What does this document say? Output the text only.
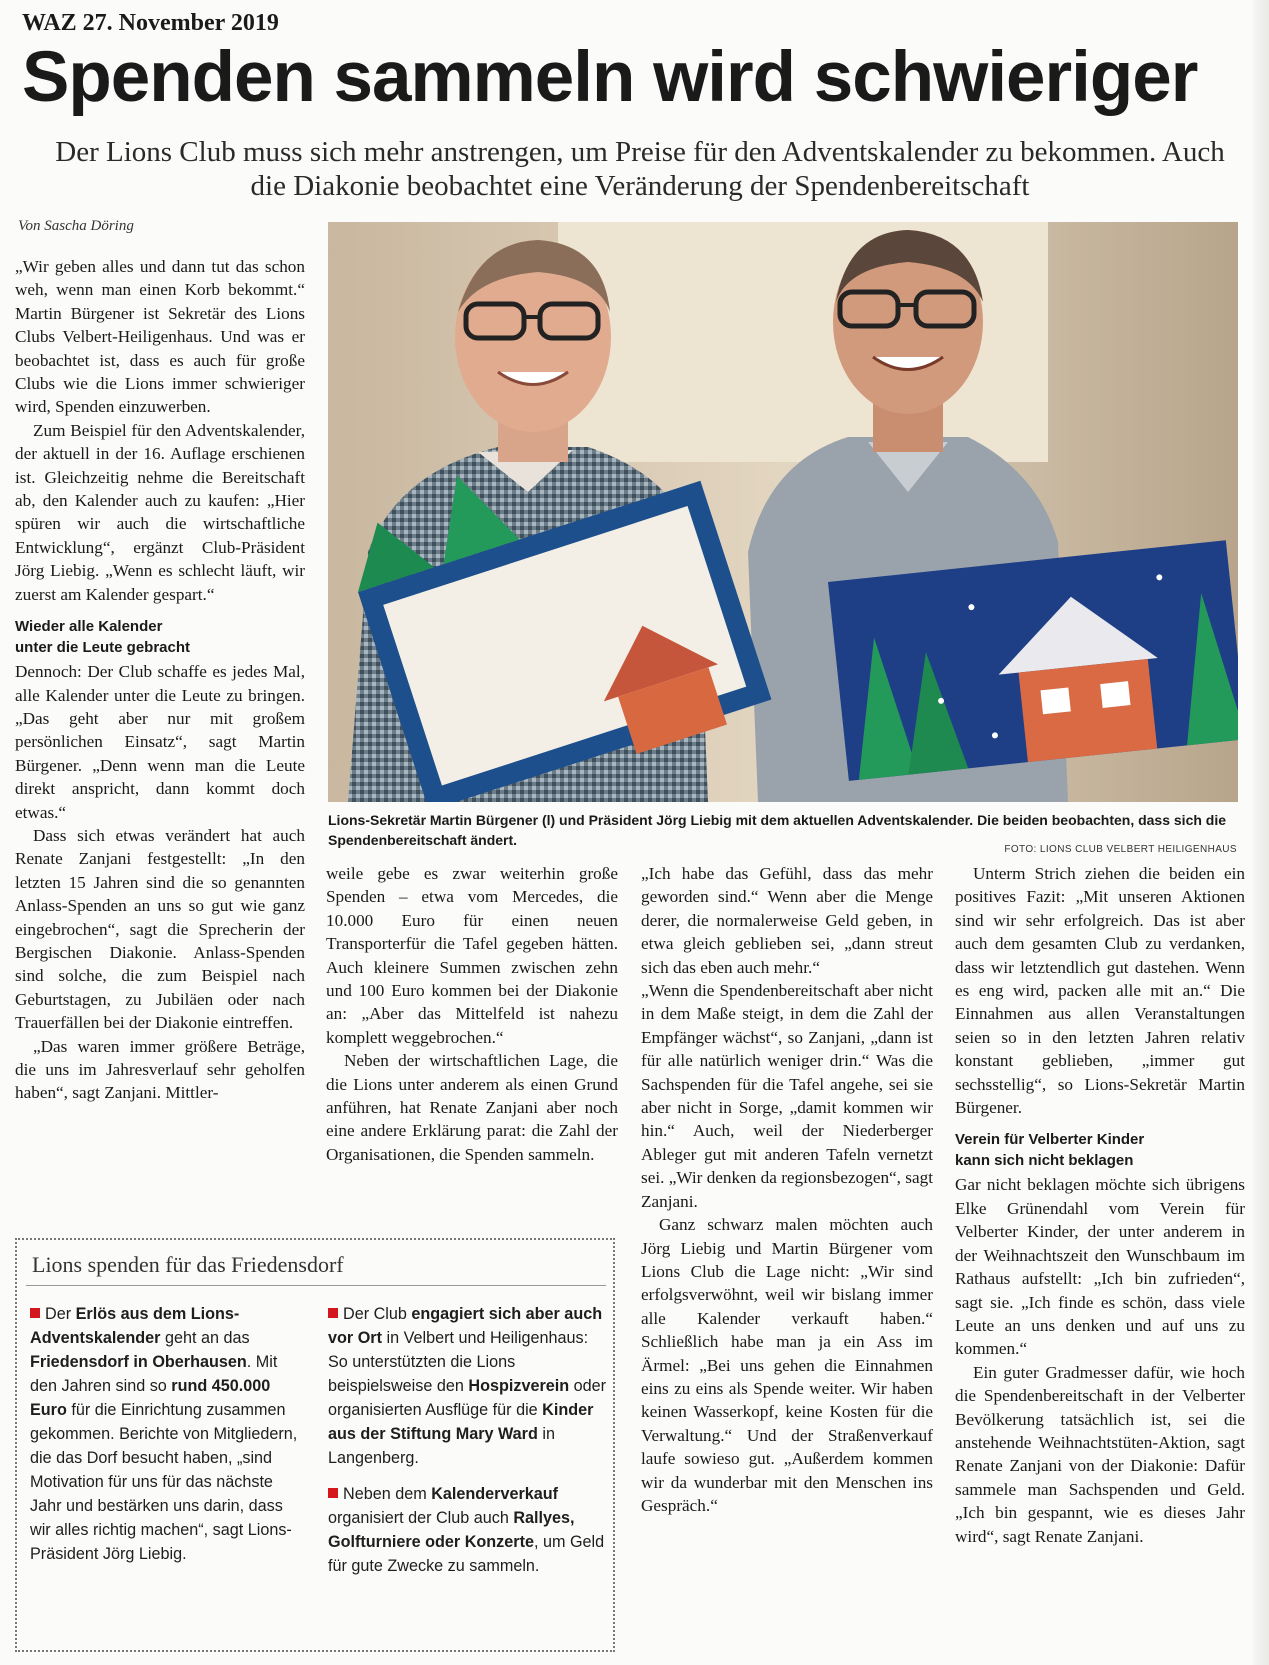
WAZ 27. November 2019
Spenden sammeln wird schwieriger
Der Lions Club muss sich mehr anstrengen, um Preise für den Adventskalender zu bekommen. Auch die Diakonie beobachtet eine Veränderung der Spendenbereitschaft
Von Sascha Döring

„Wir geben alles und dann tut das schon weh, wenn man einen Korb bekommt.“ Martin Bürgener ist Sekretär des Lions Clubs Velbert-Heiligenhaus. Und was er beobachtet ist, dass es auch für große Clubs wie die Lions immer schwieriger wird, Spenden einzuwerben.

Zum Beispiel für den Adventskalender, der aktuell in der 16. Auflage erschienen ist. Gleichzeitig nehme die Bereitschaft ab, den Kalender auch zu kaufen: „Hier spüren wir auch die wirtschaftliche Entwicklung“, ergänzt Club-Präsident Jörg Liebig. „Wenn es schlecht läuft, wir zuerst am Kalender gespart.“

Wieder alle Kalender
unter die Leute gebracht

Dennoch: Der Club schaffe es jedes Mal, alle Kalender unter die Leute zu bringen. „Das geht aber nur mit großem persönlichen Einsatz“, sagt Martin Bürgener. „Denn wenn man die Leute direkt anspricht, dann kommt doch etwas.“

Dass sich etwas verändert hat auch Renate Zanjani festgestellt: „In den letzten 15 Jahren sind die so genannten Anlass-Spenden an uns so gut wie ganz eingebrochen“, sagt die Sprecherin der Bergischen Diakonie. Anlass-Spenden sind solche, die zum Beispiel nach Geburtstagen, zu Jubiläen oder nach Trauerfällen bei der Diakonie eintreffen.

„Das waren immer größere Beträge, die uns im Jahresverlauf sehr geholfen haben“, sagt Zanjani. Mittler-

Lions-Sekretär Martin Bürgener (l) und Präsident Jörg Liebig mit dem aktuellen Adventskalender. Die beiden beobachten, dass sich die Spendenbereitschaft ändert.
FOTO: LIONS CLUB VELBERT HEILIGENHAUS

weile gebe es zwar weiterhin große Spenden – etwa vom Mercedes, die 10.000 Euro für einen neuen Transporterfür die Tafel gegeben hätten. Auch kleinere Summen zwischen zehn und 100 Euro kommen bei der Diakonie an: „Aber das Mittelfeld ist nahezu komplett weggebrochen.“

Neben der wirtschaftlichen Lage, die die Lions unter anderem als einen Grund anführen, hat Renate Zanjani aber noch eine andere Erklärung parat: die Zahl der Organisationen, die Spenden sammeln.

„Ich habe das Gefühl, dass das mehr geworden sind.“ Wenn aber die Menge derer, die normalerweise Geld geben, in etwa gleich geblieben sei, „dann streut sich das eben auch mehr.“

„Wenn die Spendenbereitschaft aber nicht in dem Maße steigt, in dem die Zahl der Empfänger wächst“, so Zanjani, „dann ist für alle natürlich weniger drin.“ Was die Sachspenden für die Tafel angehe, sei sie aber nicht in Sorge, „damit kommen wir hin.“ Auch, weil der Niederberger Ableger gut mit anderen Tafeln vernetzt sei. „Wir denken da regionsbezogen“, sagt Zanjani.

Ganz schwarz malen möchten auch Jörg Liebig und Martin Bürgener vom Lions Club die Lage nicht: „Wir sind erfolgsverwöhnt, weil wir bislang immer alle Kalender verkauft haben.“ Schließlich habe man ja ein Ass im Ärmel: „Bei uns gehen die Einnahmen eins zu eins als Spende weiter. Wir haben keinen Wasserkopf, keine Kosten für die Verwaltung.“ Und der Straßenverkauf laufe sowieso gut. „Außerdem kommen wir da wunderbar mit den Menschen ins Gespräch.“

Unterm Strich ziehen die beiden ein positives Fazit: „Mit unseren Aktionen sind wir sehr erfolgreich. Das ist aber auch dem gesamten Club zu verdanken, dass wir letztendlich gut dastehen. Wenn es eng wird, packen alle mit an.“ Die Einnahmen aus allen Veranstaltungen seien so in den letzten Jahren relativ konstant geblieben, „immer gut sechsstellig“, so Lions-Sekretär Martin Bürgener.

Verein für Velberter Kinder
kann sich nicht beklagen

Gar nicht beklagen möchte sich übrigens Elke Grünendahl vom Verein für Velberter Kinder, der unter anderem in der Weihnachtszeit den Wunschbaum im Rathaus aufstellt: „Ich bin zufrieden“, sagt sie. „Ich finde es schön, dass viele Leute an uns denken und auf uns zu kommen.“

Ein guter Gradmesser dafür, wie hoch die Spendenbereitschaft in der Velberter Bevölkerung tatsächlich ist, sei die anstehende Weihnachtstüten-Aktion, sagt Renate Zanjani von der Diakonie: Dafür sammele man Sachspenden und Geld. „Ich bin gespannt, wie es dieses Jahr wird“, sagt Renate Zanjani.

Lions spenden für das Friedensdorf

Der Erlös aus dem Lions-Adventskalender geht an das Friedensdorf in Oberhausen. Mit den Jahren sind so rund 450.000 Euro für die Einrichtung zusammen gekommen. Berichte von Mitgliedern, die das Dorf besucht haben, „sind Motivation für uns für das nächste Jahr und bestärken uns darin, dass wir alles richtig machen“, sagt Lions-Präsident Jörg Liebig.

Der Club engagiert sich aber auch vor Ort in Velbert und Heiligenhaus: So unterstützten die Lions beispielsweise den Hospizverein oder organisierten Ausflüge für die Kinder aus der Stiftung Mary Ward in Langenberg.

Neben dem Kalenderverkauf organisiert der Club auch Rallyes, Golfturniere oder Konzerte, um Geld für gute Zwecke zu sammeln.
